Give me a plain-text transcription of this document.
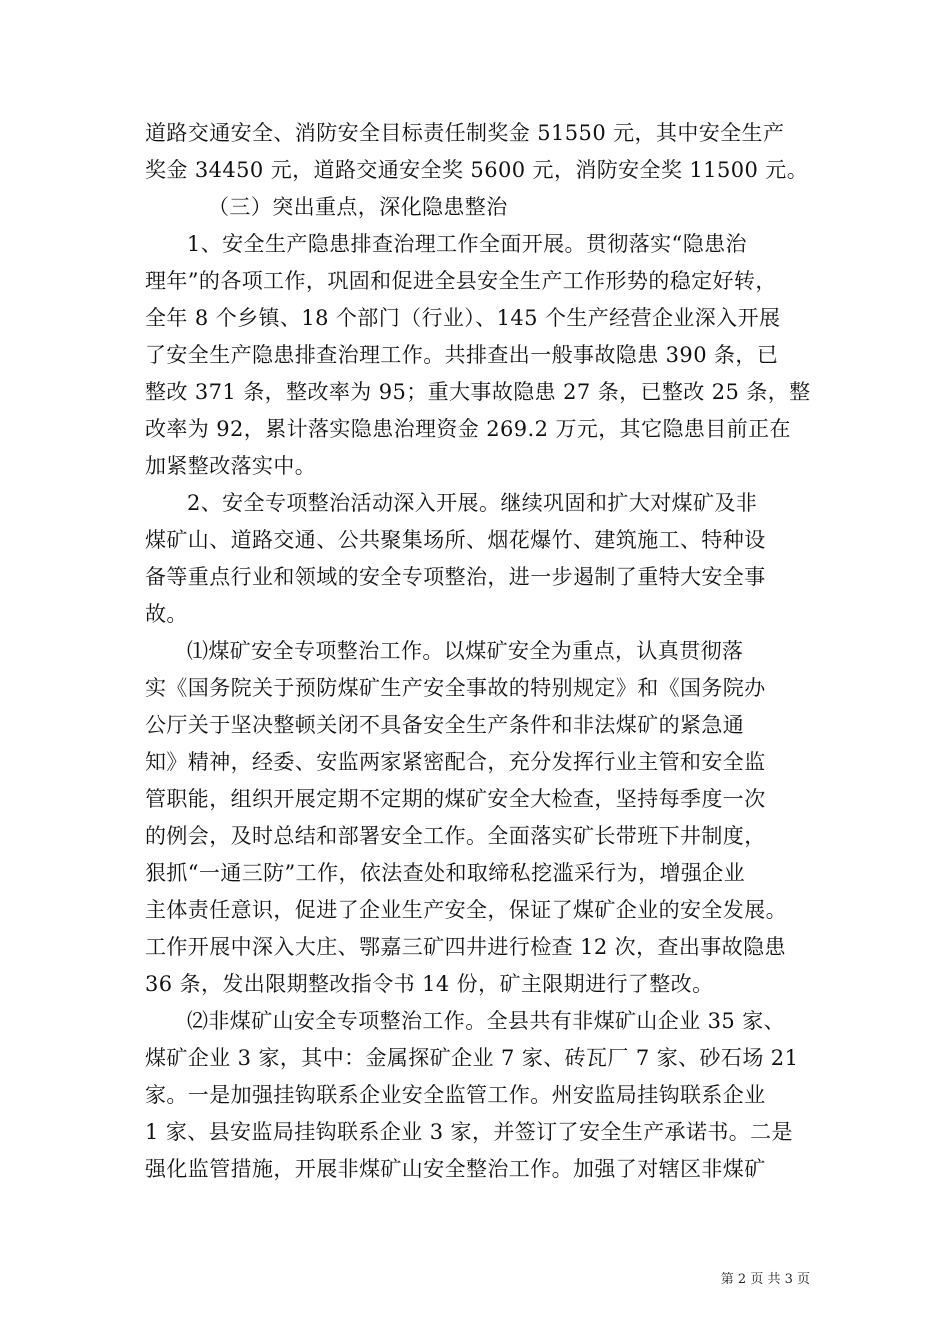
道路交通安全、消防安全目标责任制奖金 51550 元，其中安全生产
奖金 34450 元，道路交通安全奖 5600 元，消防安全奖 11500 元。
（三）突出重点，深化隐患整治
1、安全生产隐患排查治理工作全面开展。贯彻落实“隐患治
理年”的各项工作，巩固和促进全县安全生产工作形势的稳定好转，
全年 8 个乡镇、18 个部门（行业）、145 个生产经营企业深入开展
了安全生产隐患排查治理工作。共排查出一般事故隐患 390 条，已
整改 371 条，整改率为 95；重大事故隐患 27 条，已整改 25 条，整
改率为 92，累计落实隐患治理资金 269.2 万元，其它隐患目前正在
加紧整改落实中。
2、安全专项整治活动深入开展。继续巩固和扩大对煤矿及非
煤矿山、道路交通、公共聚集场所、烟花爆竹、建筑施工、特种设
备等重点行业和领域的安全专项整治，进一步遏制了重特大安全事
故。
⑴煤矿安全专项整治工作。以煤矿安全为重点，认真贯彻落
实《国务院关于预防煤矿生产安全事故的特别规定》和《国务院办
公厅关于坚决整顿关闭不具备安全生产条件和非法煤矿的紧急通
知》精神，经委、安监两家紧密配合，充分发挥行业主管和安全监
管职能，组织开展定期不定期的煤矿安全大检查，坚持每季度一次
的例会，及时总结和部署安全工作。全面落实矿长带班下井制度，
狠抓“一通三防”工作，依法查处和取缔私挖滥采行为，增强企业
主体责任意识，促进了企业生产安全，保证了煤矿企业的安全发展。
工作开展中深入大庄、鄂嘉三矿四井进行检查 12 次，查出事故隐患
36 条，发出限期整改指令书 14 份，矿主限期进行了整改。
⑵非煤矿山安全专项整治工作。全县共有非煤矿山企业 35 家、
煤矿企业 3 家，其中：金属探矿企业 7 家、砖瓦厂 7 家、砂石场 21
家。一是加强挂钩联系企业安全监管工作。州安监局挂钩联系企业
1 家、县安监局挂钩联系企业 3 家，并签订了安全生产承诺书。二是
强化监管措施，开展非煤矿山安全整治工作。加强了对辖区非煤矿
第 2 页 共 3 页
